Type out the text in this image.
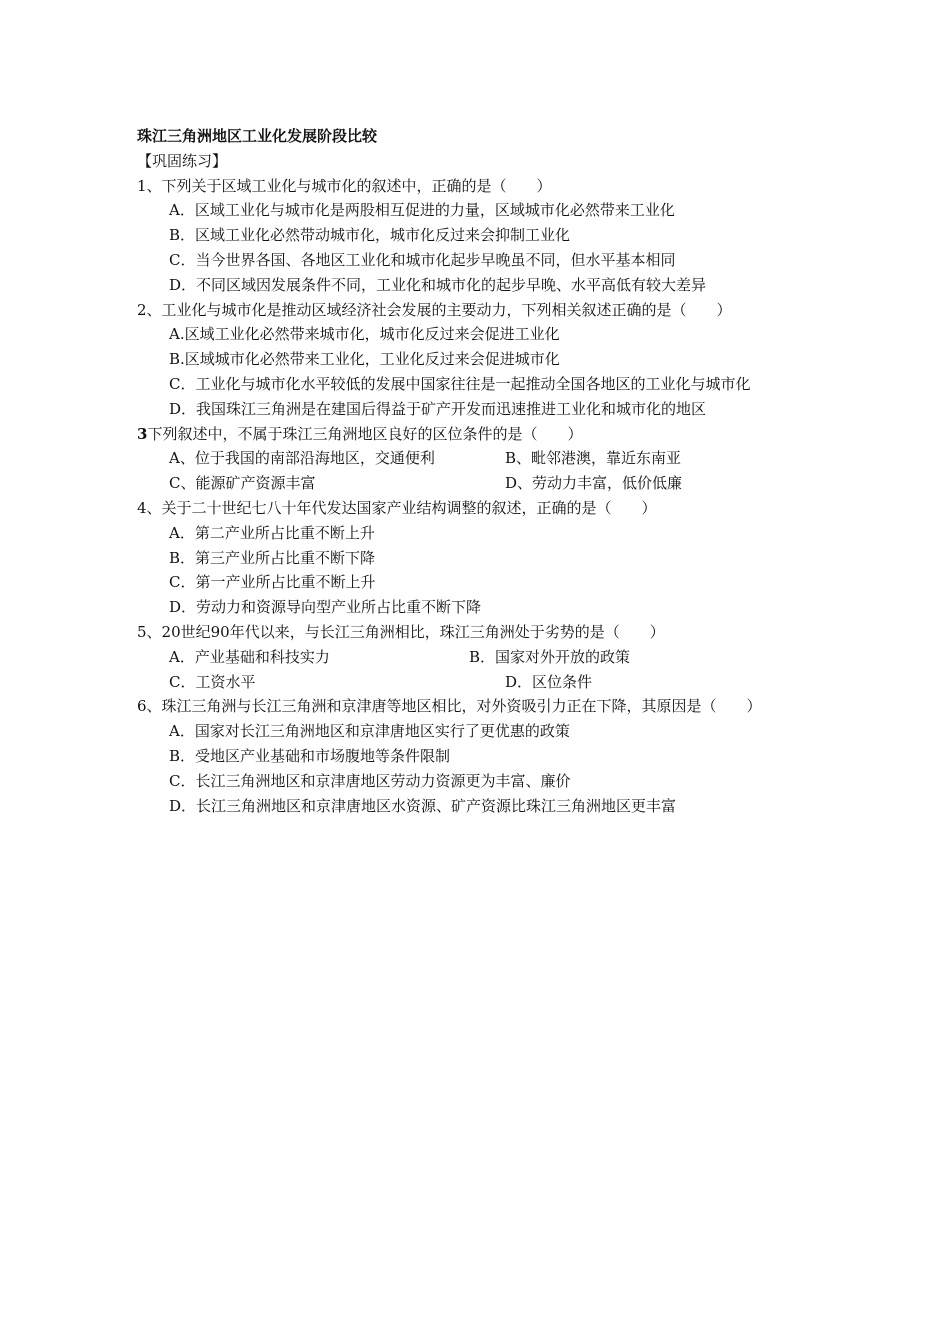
珠江三角洲地区工业化发展阶段比较
【巩固练习】
1、下列关于区域工业化与城市化的叙述中，正确的是（　　）
A．区域工业化与城市化是两股相互促进的力量，区域城市化必然带来工业化
B．区域工业化必然带动城市化，城市化反过来会抑制工业化
C．当今世界各国、各地区工业化和城市化起步早晚虽不同，但水平基本相同
D．不同区域因发展条件不同，工业化和城市化的起步早晚、水平高低有较大差异
2、工业化与城市化是推动区域经济社会发展的主要动力，下列相关叙述正确的是（　　）
A.区域工业化必然带来城市化，城市化反过来会促进工业化
B.区域城市化必然带来工业化，工业化反过来会促进城市化
C．工业化与城市化水平较低的发展中国家往往是一起推动全国各地区的工业化与城市化
D．我国珠江三角洲是在建国后得益于矿产开发而迅速推进工业化和城市化的地区
3下列叙述中，不属于珠江三角洲地区良好的区位条件的是（　　）
A、位于我国的南部沿海地区，交通便利	B、毗邻港澳，靠近东南亚
C、能源矿产资源丰富	D、劳动力丰富，低价低廉
4、关于二十世纪七八十年代发达国家产业结构调整的叙述，正确的是（　　）
A．第二产业所占比重不断上升
B．第三产业所占比重不断下降
C．第一产业所占比重不断上升
D．劳动力和资源导向型产业所占比重不断下降
5、20世纪90年代以来，与长江三角洲相比，珠江三角洲处于劣势的是（　　）
A．产业基础和科技实力	B．国家对外开放的政策
C．工资水平	D．区位条件
6、珠江三角洲与长江三角洲和京津唐等地区相比，对外资吸引力正在下降，其原因是（　　）
A．国家对长江三角洲地区和京津唐地区实行了更优惠的政策
B．受地区产业基础和市场腹地等条件限制
C．长江三角洲地区和京津唐地区劳动力资源更为丰富、廉价
D．长江三角洲地区和京津唐地区水资源、矿产资源比珠江三角洲地区更丰富
